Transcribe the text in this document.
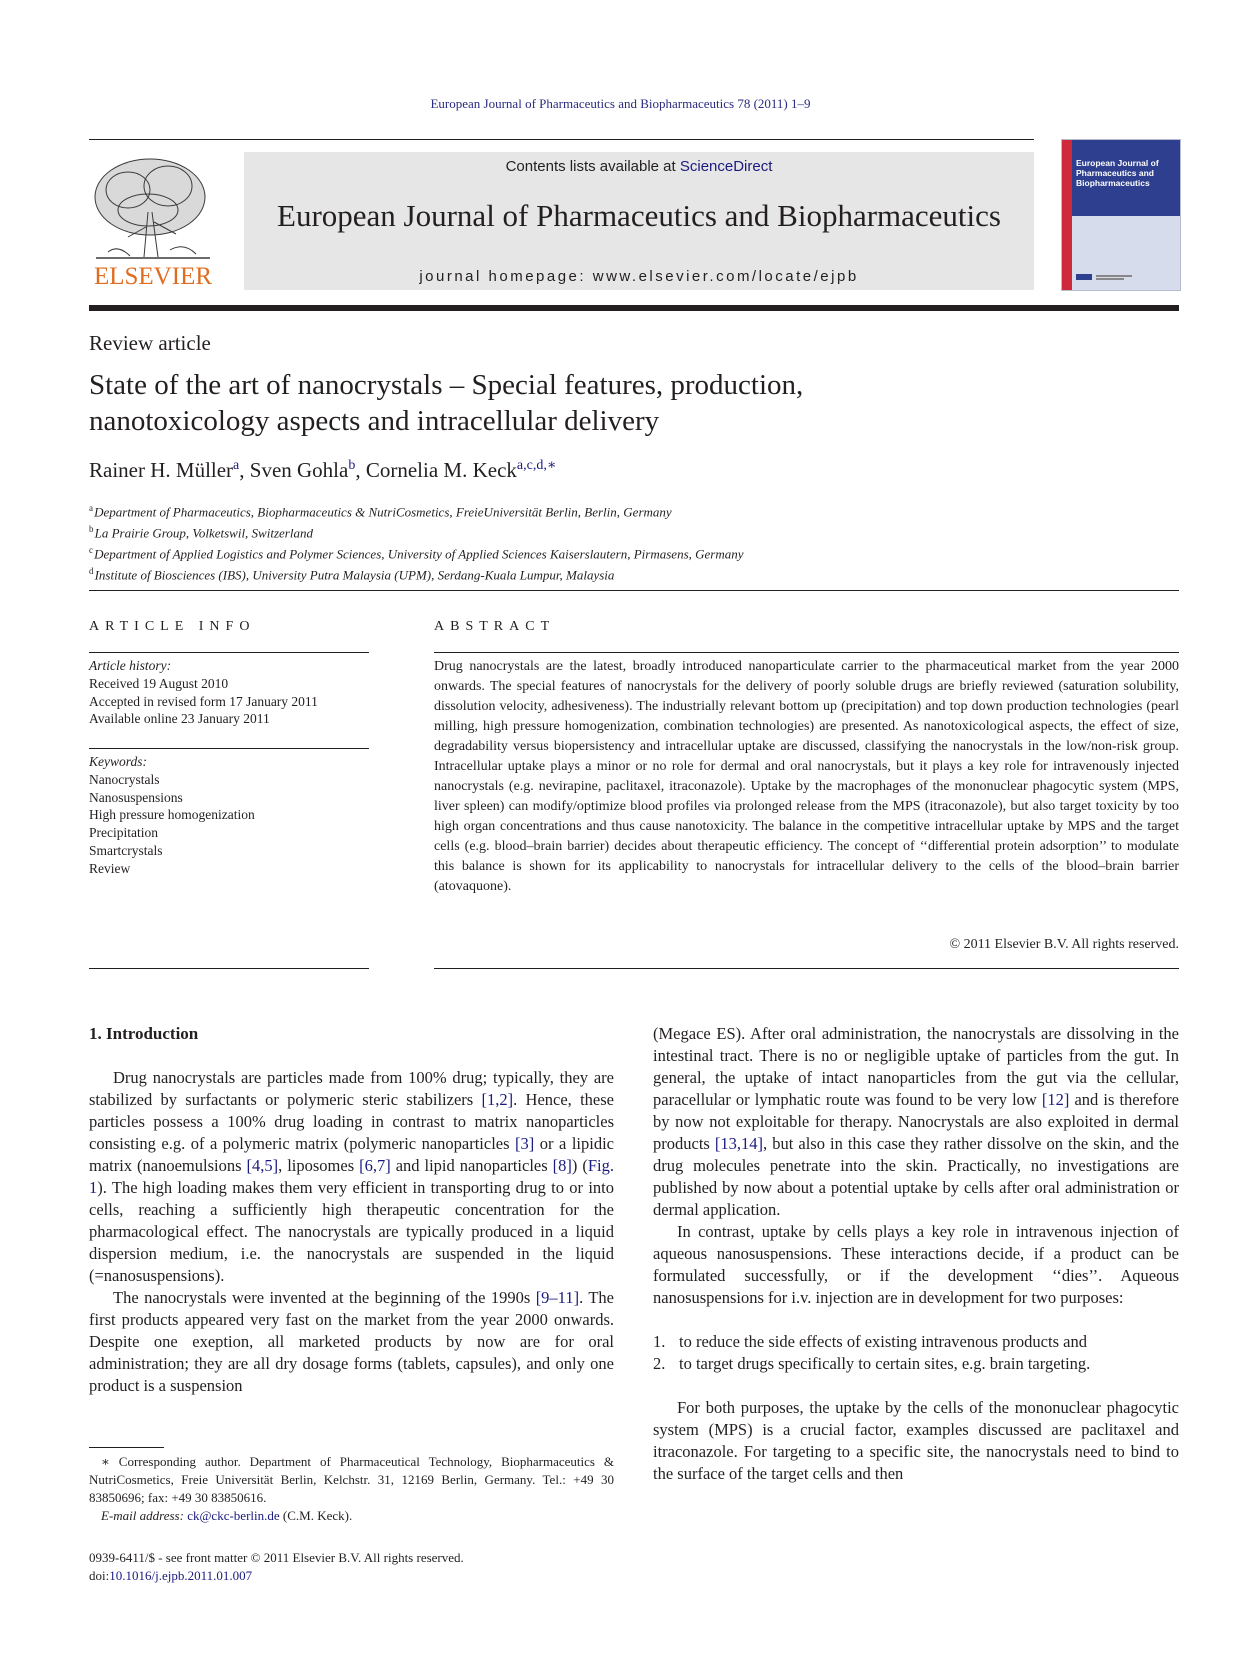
European Journal of Pharmaceutics and Biopharmaceutics 78 (2011) 1–9
ELSEVIER
Contents lists available at ScienceDirect
European Journal of Pharmaceutics and Biopharmaceutics
journal homepage: www.elsevier.com/locate/ejpb
European Journal of Pharmaceutics and Biopharmaceutics
Review article
State of the art of nanocrystals – Special features, production,
nanotoxicology aspects and intracellular delivery
Rainer H. Müller$^a$, Sven Gohla$^b$, Cornelia M. Keck$^{a,c,d,∗}$
$^a$ Department of Pharmaceutics, Biopharmaceutics & NutriCosmetics, FreieUniversität Berlin, Berlin, Germany
$^b$ La Prairie Group, Volketswil, Switzerland
$^c$ Department of Applied Logistics and Polymer Sciences, University of Applied Sciences Kaiserslautern, Pirmasens, Germany
$^d$ Institute of Biosciences (IBS), University Putra Malaysia (UPM), Serdang-Kuala Lumpur, Malaysia
ARTICLE INFO
Article history:
Received 19 August 2010
Accepted in revised form 17 January 2011
Available online 23 January 2011
Keywords:
Nanocrystals
Nanosuspensions
High pressure homogenization
Precipitation
Smartcrystals
Review
ABSTRACT
Drug nanocrystals are the latest, broadly introduced nanoparticulate carrier to the pharmaceutical market from the year 2000 onwards. The special features of nanocrystals for the delivery of poorly soluble drugs are briefly reviewed (saturation solubility, dissolution velocity, adhesiveness). The industrially relevant bottom up (precipitation) and top down production technologies (pearl milling, high pressure homogenization, combination technologies) are presented. As nanotoxicological aspects, the effect of size, degradability versus biopersistency and intracellular uptake are discussed, classifying the nanocrystals in the low/non-risk group. Intracellular uptake plays a minor or no role for dermal and oral nanocrystals, but it plays a key role for intravenously injected nanocrystals (e.g. nevirapine, paclitaxel, itraconazole). Uptake by the macrophages of the mononuclear phagocytic system (MPS, liver spleen) can modify/optimize blood profiles via prolonged release from the MPS (itraconazole), but also target toxicity by too high organ concentrations and thus cause nanotoxicity. The balance in the competitive intracellular uptake by MPS and the target cells (e.g. blood–brain barrier) decides about therapeutic efficiency. The concept of ‘‘differential protein adsorption’’ to modulate this balance is shown for its applicability to nanocrystals for intracellular delivery to the cells of the blood–brain barrier (atovaquone).
© 2011 Elsevier B.V. All rights reserved.
1. Introduction

Drug nanocrystals are particles made from 100% drug; typically, they are stabilized by surfactants or polymeric steric stabilizers [1,2]. Hence, these particles possess a 100% drug loading in contrast to matrix nanoparticles consisting e.g. of a polymeric matrix (polymeric nanoparticles [3] or a lipidic matrix (nanoemulsions [4,5], liposomes [6,7] and lipid nanoparticles [8]) (Fig. 1). The high loading makes them very efficient in transporting drug to or into cells, reaching a sufficiently high therapeutic concentration for the pharmacological effect. The nanocrystals are typically produced in a liquid dispersion medium, i.e. the nanocrystals are suspended in the liquid (=nanosuspensions).

The nanocrystals were invented at the beginning of the 1990s [9–11]. The first products appeared very fast on the market from the year 2000 onwards. Despite one exeption, all marketed products by now are for oral administration; they are all dry dosage forms (tablets, capsules), and only one product is a suspension

(Megace ES). After oral administration, the nanocrystals are dissolving in the intestinal tract. There is no or negligible uptake of particles from the gut. In general, the uptake of intact nanoparticles from the gut via the cellular, paracellular or lymphatic route was found to be very low [12] and is therefore by now not exploitable for therapy. Nanocrystals are also exploited in dermal products [13,14], but also in this case they rather dissolve on the skin, and the drug molecules penetrate into the skin. Practically, no investigations are published by now about a potential uptake by cells after oral administration or dermal application.

In contrast, uptake by cells plays a key role in intravenous injection of aqueous nanosuspensions. These interactions decide, if a product can be formulated successfully, or if the development ‘‘dies’’. Aqueous nanosuspensions for i.v. injection are in development for two purposes:

1. to reduce the side effects of existing intravenous products and
2. to target drugs specifically to certain sites, e.g. brain targeting.

For both purposes, the uptake by the cells of the mononuclear phagocytic system (MPS) is a crucial factor, examples discussed are paclitaxel and itraconazole. For targeting to a specific site, the nanocrystals need to bind to the surface of the target cells and then

∗ Corresponding author. Department of Pharmaceutical Technology, Biopharmaceutics & NutriCosmetics, Freie Universität Berlin, Kelchstr. 31, 12169 Berlin, Germany. Tel.: +49 30 83850696; fax: +49 30 83850616.
E-mail address: ck@ckc-berlin.de (C.M. Keck).
0939-6411/$ - see front matter © 2011 Elsevier B.V. All rights reserved.
doi:10.1016/j.ejpb.2011.01.007
